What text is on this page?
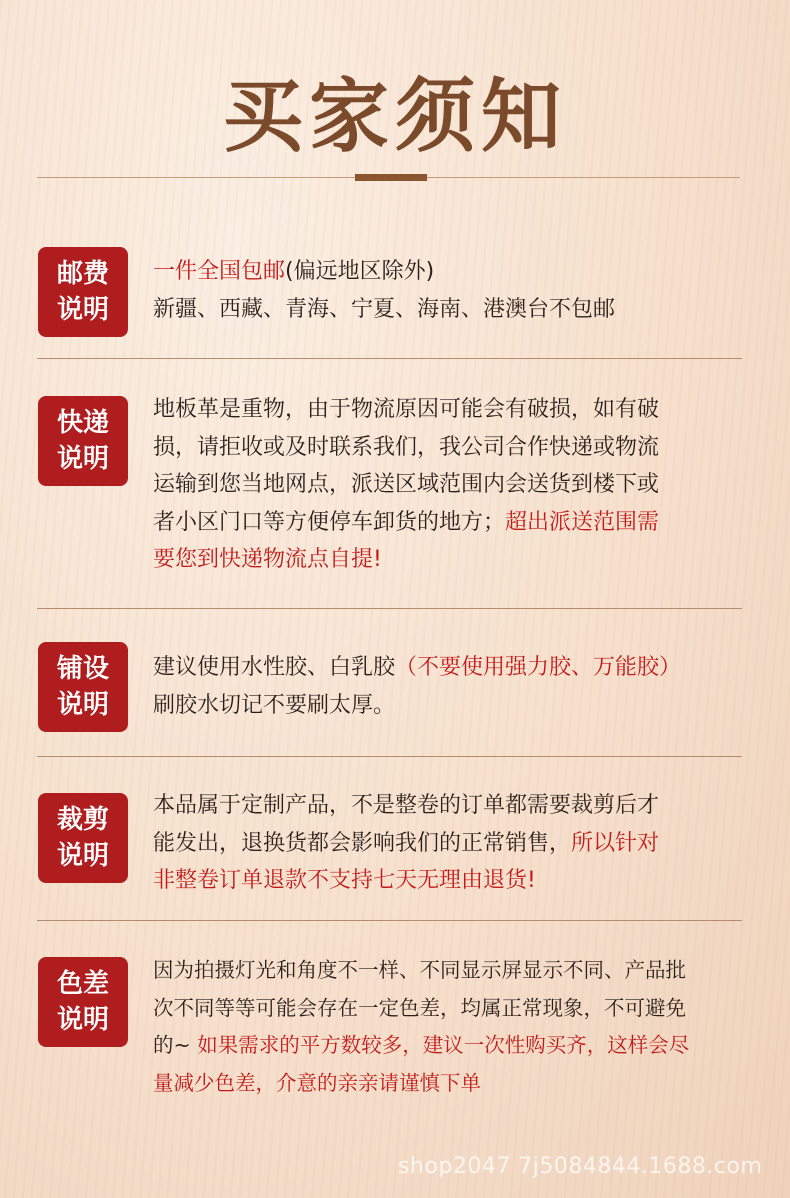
买家须知
邮费
说明
一件全国包邮(偏远地区除外)
新疆、西藏、青海、宁夏、海南、港澳台不包邮
快递
说明
地板革是重物，由于物流原因可能会有破损，如有破
损，请拒收或及时联系我们，我公司合作快递或物流
运输到您当地网点，派送区域范围内会送货到楼下或
者小区门口等方便停车卸货的地方；超出派送范围需
要您到快递物流点自提!
铺设
说明
建议使用水性胶、白乳胶（不要使用强力胶、万能胶）
刷胶水切记不要刷太厚。
裁剪
说明
本品属于定制产品，不是整卷的订单都需要裁剪后才
能发出，退换货都会影响我们的正常销售，所以针对
非整卷订单退款不支持七天无理由退货!
色差
说明
因为拍摄灯光和角度不一样、不同显示屏显示不同、产品批
次不同等等可能会存在一定色差，均属正常现象，不可避免
的~ 如果需求的平方数较多，建议一次性购买齐，这样会尽
量减少色差，介意的亲亲请谨慎下单
shop2047 7j5084844.1688.com
